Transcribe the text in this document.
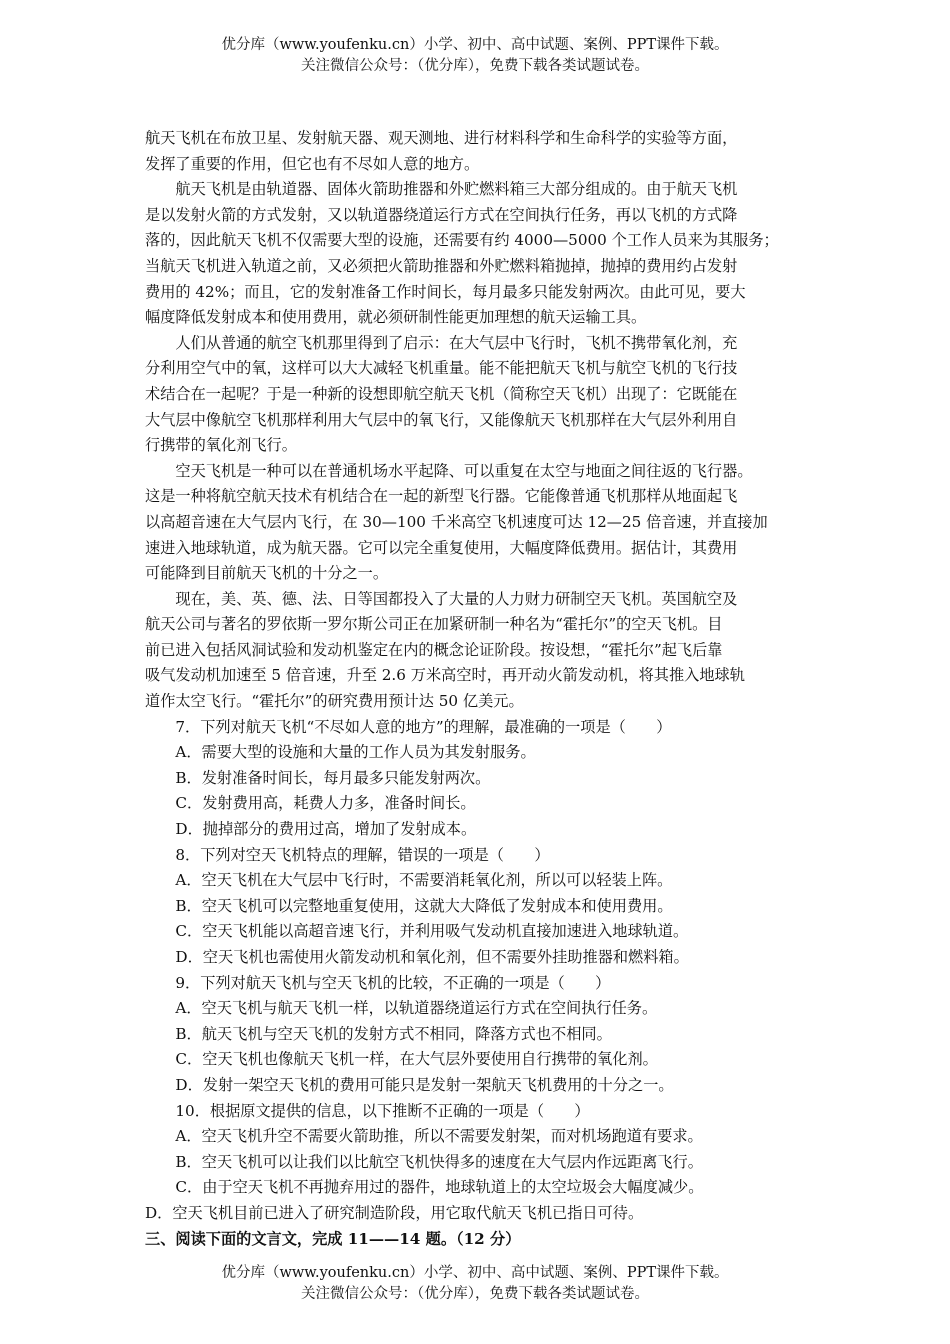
优分库（www.youfenku.cn）小学、初中、高中试题、案例、PPT课件下载。
关注微信公众号：（优分库），免费下载各类试题试卷。

航天飞机在布放卫星、发射航天器、观天测地、进行材料科学和生命科学的实验等方面，

发挥了重要的作用，但它也有不尽如人意的地方。

航天飞机是由轨道器、固体火箭助推器和外贮燃料箱三大部分组成的。由于航天飞机

是以发射火箭的方式发射，又以轨道器绕道运行方式在空间执行任务，再以飞机的方式降

落的，因此航天飞机不仅需要大型的设施，还需要有约 4000—5000 个工作人员来为其服务；

当航天飞机进入轨道之前，又必须把火箭助推器和外贮燃料箱抛掉，抛掉的费用约占发射

费用的 42%；而且，它的发射准备工作时间长，每月最多只能发射两次。由此可见，要大

幅度降低发射成本和使用费用，就必须研制性能更加理想的航天运输工具。

人们从普通的航空飞机那里得到了启示：在大气层中飞行时，飞机不携带氧化剂，充

分利用空气中的氧，这样可以大大减轻飞机重量。能不能把航天飞机与航空飞机的飞行技

术结合在一起呢？于是一种新的设想即航空航天飞机（简称空天飞机）出现了：它既能在

大气层中像航空飞机那样利用大气层中的氧飞行，又能像航天飞机那样在大气层外利用自

行携带的氧化剂飞行。

空天飞机是一种可以在普通机场水平起降、可以重复在太空与地面之间往返的飞行器。

这是一种将航空航天技术有机结合在一起的新型飞行器。它能像普通飞机那样从地面起飞

以高超音速在大气层内飞行，在 30—100 千米高空飞机速度可达 12—25 倍音速，并直接加

速进入地球轨道，成为航天器。它可以完全重复使用，大幅度降低费用。据估计，其费用

可能降到目前航天飞机的十分之一。

现在，美、英、德、法、日等国都投入了大量的人力财力研制空天飞机。英国航空及

航天公司与著名的罗依斯一罗尔斯公司正在加紧研制一种名为“霍托尔”的空天飞机。目

前已进入包括风洞试验和发动机鉴定在内的概念论证阶段。按设想，“霍托尔”起飞后靠

吸气发动机加速至 5 倍音速，升至 2.6 万米高空时，再开动火箭发动机，将其推入地球轨

道作太空飞行。“霍托尔”的研究费用预计达 50 亿美元。

7．下列对航天飞机“不尽如人意的地方”的理解，最准确的一项是（　　）

A．需要大型的设施和大量的工作人员为其发射服务。

B．发射准备时间长，每月最多只能发射两次。

C．发射费用高，耗费人力多，准备时间长。

D．抛掉部分的费用过高，增加了发射成本。

8．下列对空天飞机特点的理解，错误的一项是（　　）

A．空天飞机在大气层中飞行时，不需要消耗氧化剂，所以可以轻装上阵。

B．空天飞机可以完整地重复使用，这就大大降低了发射成本和使用费用。

C．空天飞机能以高超音速飞行，并利用吸气发动机直接加速进入地球轨道。

D．空天飞机也需使用火箭发动机和氧化剂，但不需要外挂助推器和燃料箱。

9．下列对航天飞机与空天飞机的比较，不正确的一项是（　　）

A．空天飞机与航天飞机一样，以轨道器绕道运行方式在空间执行任务。

B．航天飞机与空天飞机的发射方式不相同，降落方式也不相同。

C．空天飞机也像航天飞机一样，在大气层外要使用自行携带的氧化剂。

D．发射一架空天飞机的费用可能只是发射一架航天飞机费用的十分之一。

10．根据原文提供的信息，以下推断不正确的一项是（　　）

A．空天飞机升空不需要火箭助推，所以不需要发射架，而对机场跑道有要求。

B．空天飞机可以让我们以比航空飞机快得多的速度在大气层内作远距离飞行。

C．由于空天飞机不再抛弃用过的器件，地球轨道上的太空垃圾会大幅度减少。

D．空天飞机目前已进入了研究制造阶段，用它取代航天飞机已指日可待。

三、阅读下面的文言文，完成 11——14 题。（12 分）

优分库（www.youfenku.cn）小学、初中、高中试题、案例、PPT课件下载。
关注微信公众号：（优分库），免费下载各类试题试卷。
